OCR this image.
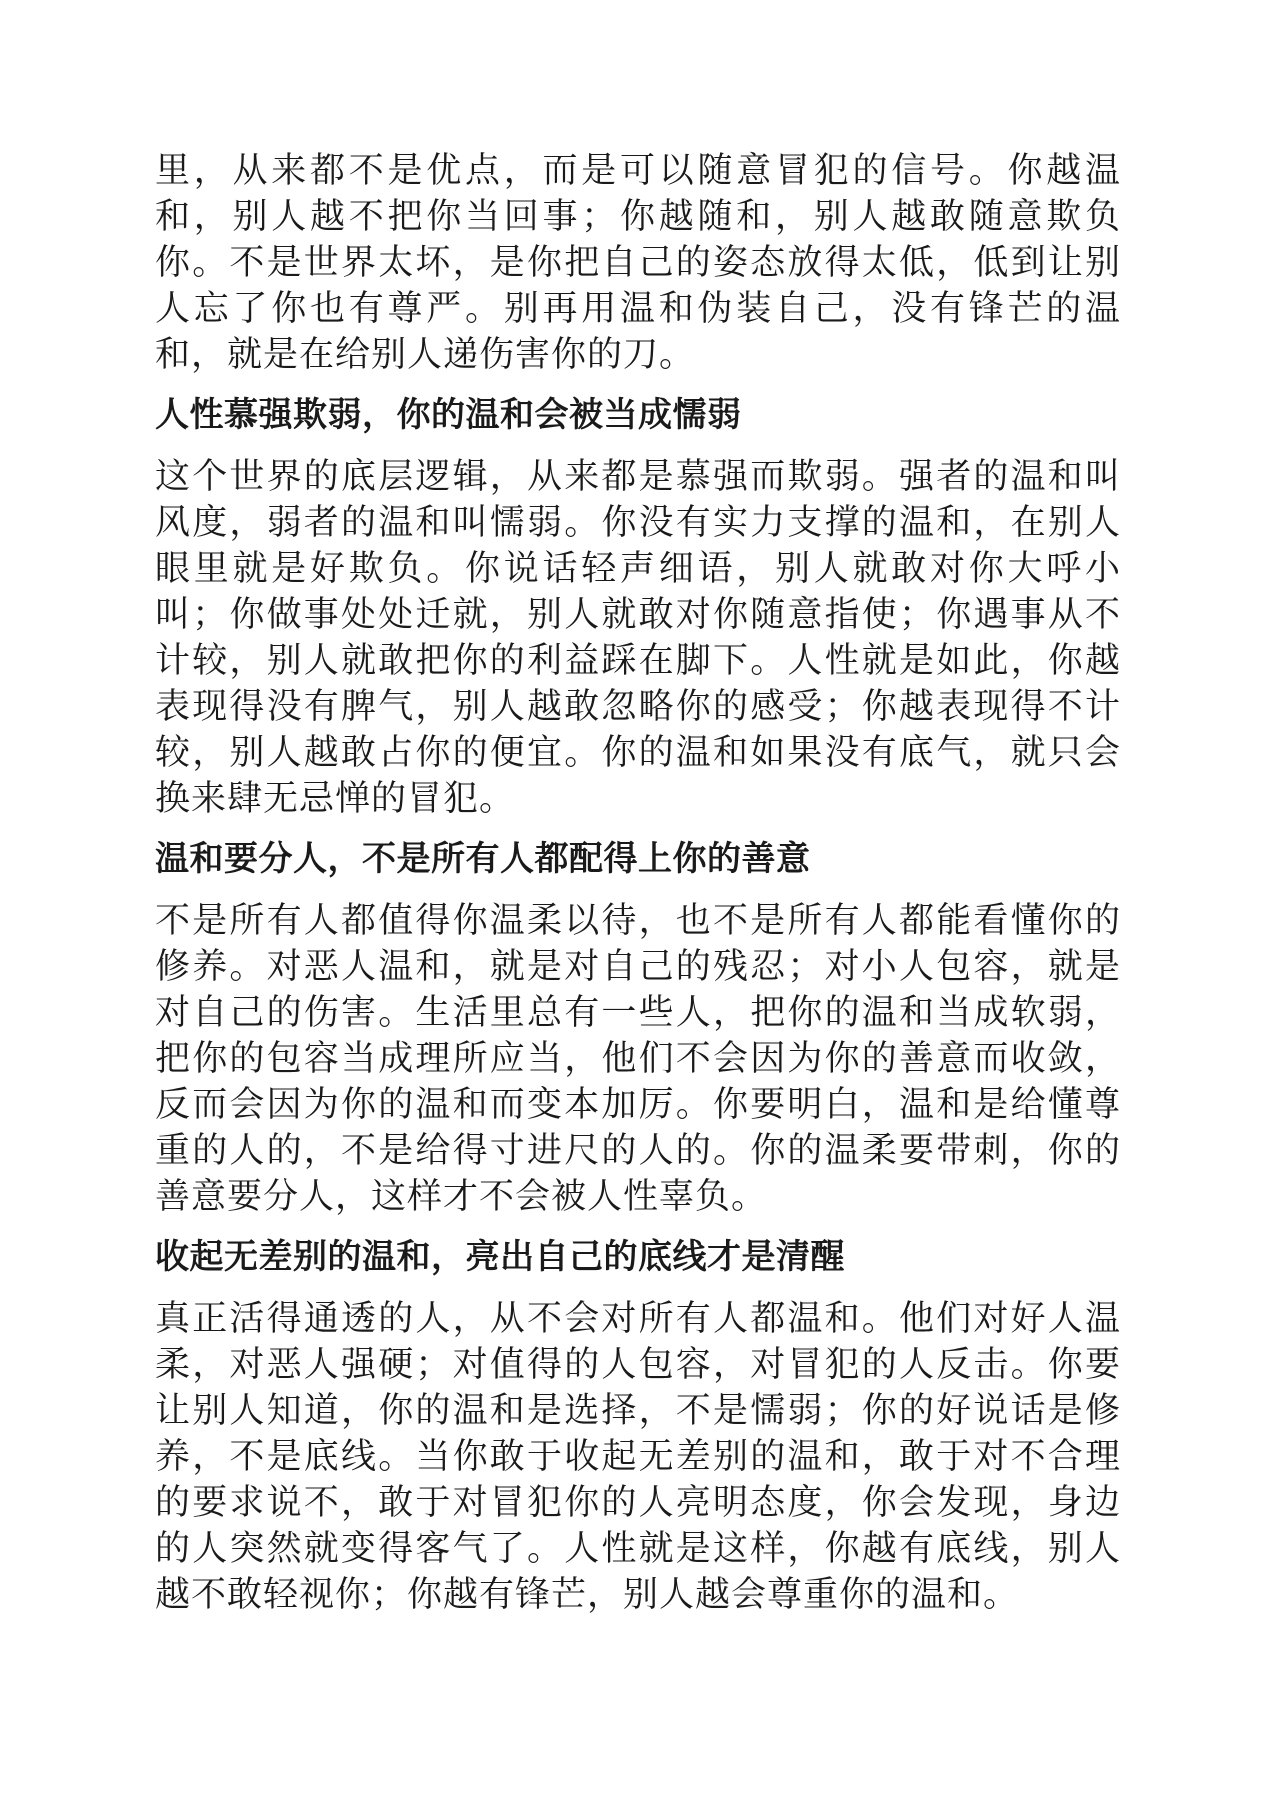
里，从来都不是优点，而是可以随意冒犯的信号。你越温和，别人越不把你当回事；你越随和，别人越敢随意欺负你。不是世界太坏，是你把自己的姿态放得太低，低到让别人忘了你也有尊严。别再用温和伪装自己，没有锋芒的温和，就是在给别人递伤害你的刀。

人性慕强欺弱，你的温和会被当成懦弱

这个世界的底层逻辑，从来都是慕强而欺弱。强者的温和叫风度，弱者的温和叫懦弱。你没有实力支撑的温和，在别人眼里就是好欺负。你说话轻声细语，别人就敢对你大呼小叫；你做事处处迁就，别人就敢对你随意指使；你遇事从不计较，别人就敢把你的利益踩在脚下。人性就是如此，你越表现得没有脾气，别人越敢忽略你的感受；你越表现得不计较，别人越敢占你的便宜。你的温和如果没有底气，就只会换来肆无忌惮的冒犯。

温和要分人，不是所有人都配得上你的善意

不是所有人都值得你温柔以待，也不是所有人都能看懂你的修养。对恶人温和，就是对自己的残忍；对小人包容，就是对自己的伤害。生活里总有一些人，把你的温和当成软弱，把你的包容当成理所应当，他们不会因为你的善意而收敛，反而会因为你的温和而变本加厉。你要明白，温和是给懂尊重的人的，不是给得寸进尺的人的。你的温柔要带刺，你的善意要分人，这样才不会被人性辜负。

收起无差别的温和，亮出自己的底线才是清醒

真正活得通透的人，从不会对所有人都温和。他们对好人温柔，对恶人强硬；对值得的人包容，对冒犯的人反击。你要让别人知道，你的温和是选择，不是懦弱；你的好说话是修养，不是底线。当你敢于收起无差别的温和，敢于对不合理的要求说不，敢于对冒犯你的人亮明态度，你会发现，身边的人突然就变得客气了。人性就是这样，你越有底线，别人越不敢轻视你；你越有锋芒，别人越会尊重你的温和。
